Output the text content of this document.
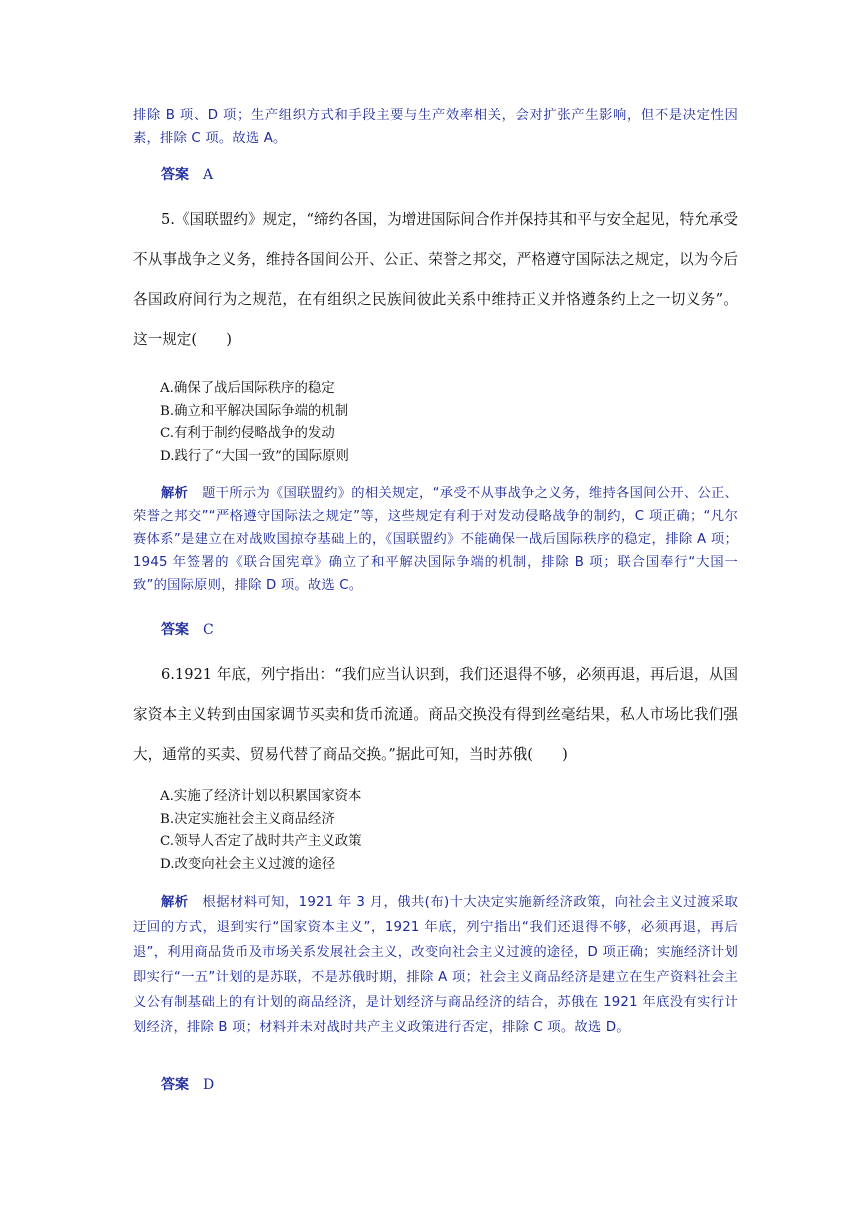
排除 B 项、D 项；生产组织方式和手段主要与生产效率相关，会对扩张产生影响，但不是决定性因素，排除 C 项。故选 A。

答案 A

5.《国联盟约》规定，“缔约各国，为增进国际间合作并保持其和平与安全起见，特允承受不从事战争之义务，维持各国间公开、公正、荣誉之邦交，严格遵守国际法之规定，以为今后各国政府间行为之规范，在有组织之民族间彼此关系中维持正义并恪遵条约上之一切义务”。这一规定(　　)

A.确保了战后国际秩序的稳定
B.确立和平解决国际争端的机制
C.有利于制约侵略战争的发动
D.践行了“大国一致”的国际原则

解析 题干所示为《国联盟约》的相关规定，“承受不从事战争之义务，维持各国间公开、公正、荣誉之邦交”“严格遵守国际法之规定”等，这些规定有利于对发动侵略战争的制约，C 项正确；“凡尔赛体系”是建立在对战败国掠夺基础上的，《国联盟约》不能确保一战后国际秩序的稳定，排除 A 项；1945 年签署的《联合国宪章》确立了和平解决国际争端的机制，排除 B 项；联合国奉行“大国一致”的国际原则，排除 D 项。故选 C。

答案 C

6.1921 年底，列宁指出：“我们应当认识到，我们还退得不够，必须再退，再后退，从国家资本主义转到由国家调节买卖和货币流通。商品交换没有得到丝毫结果，私人市场比我们强大，通常的买卖、贸易代替了商品交换。”据此可知，当时苏俄(　　)

A.实施了经济计划以积累国家资本
B.决定实施社会主义商品经济
C.领导人否定了战时共产主义政策
D.改变向社会主义过渡的途径

解析 根据材料可知，1921 年 3 月，俄共(布)十大决定实施新经济政策，向社会主义过渡采取迂回的方式，退到实行“国家资本主义”，1921 年底，列宁指出“我们还退得不够，必须再退，再后退”，利用商品货币及市场关系发展社会主义，改变向社会主义过渡的途径，D 项正确；实施经济计划即实行“一五”计划的是苏联，不是苏俄时期，排除 A 项；社会主义商品经济是建立在生产资料社会主义公有制基础上的有计划的商品经济，是计划经济与商品经济的结合，苏俄在 1921 年底没有实行计划经济，排除 B 项；材料并未对战时共产主义政策进行否定，排除 C 项。故选 D。

答案 D
